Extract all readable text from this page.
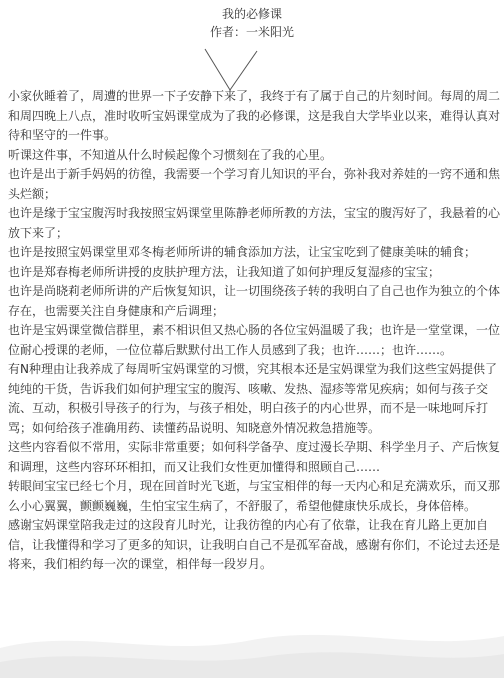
我的必修课
作者：一米阳光

小家伙睡着了，周遭的世界一下子安静下来了，我终于有了属于自己的片刻时间。每周的周二和周四晚上八点，准时收听宝妈课堂成为了我的必修课，这是我自大学毕业以来，难得认真对待和坚守的一件事。

听课这件事，不知道从什么时候起像个习惯刻在了我的心里。

也许是出于新手妈妈的彷徨，我需要一个学习育儿知识的平台，弥补我对养娃的一窍不通和焦头烂额；

也许是缘于宝宝腹泻时我按照宝妈课堂里陈静老师所教的方法，宝宝的腹泻好了，我悬着的心放下来了；

也许是按照宝妈课堂里邓冬梅老师所讲的辅食添加方法，让宝宝吃到了健康美味的辅食；

也许是郑春梅老师所讲授的皮肤护理方法，让我知道了如何护理反复湿疹的宝宝；

也许是尚晓莉老师所讲的产后恢复知识，让一切围绕孩子转的我明白了自己也作为独立的个体存在，也需要关注自身健康和产后调理；

也许是宝妈课堂微信群里，素不相识但又热心肠的各位宝妈温暖了我；也许是一堂堂课，一位位耐心授课的老师，一位位幕后默默付出工作人员感到了我；也许……；也许……。

有N种理由让我养成了每周听宝妈课堂的习惯，究其根本还是宝妈课堂为我们这些宝妈提供了纯纯的干货，告诉我们如何护理宝宝的腹泻、咳嗽、发热、湿疹等常见疾病；如何与孩子交流、互动，积极引导孩子的行为，与孩子相处，明白孩子的内心世界，而不是一味地呵斥打骂；如何给孩子准确用药、读懂药品说明、知晓意外情况救急措施等。

这些内容看似不常用，实际非常重要；如何科学备孕、度过漫长孕期、科学坐月子、产后恢复和调理，这些内容环环相扣，而又让我们女性更加懂得和照顾自己……

转眼间宝宝已经七个月，现在回首时光飞逝，与宝宝相伴的每一天内心和足充满欢乐，而又那么小心翼翼，颤颤巍巍，生怕宝宝生病了，不舒服了，希望他健康快乐成长，身体倍棒。

感谢宝妈课堂陪我走过的这段育儿时光，让我彷徨的内心有了依靠，让我在育儿路上更加自信，让我懂得和学习了更多的知识，让我明白自己不是孤军奋战，感谢有你们，不论过去还是将来，我们相约每一次的课堂，相伴每一段岁月。
